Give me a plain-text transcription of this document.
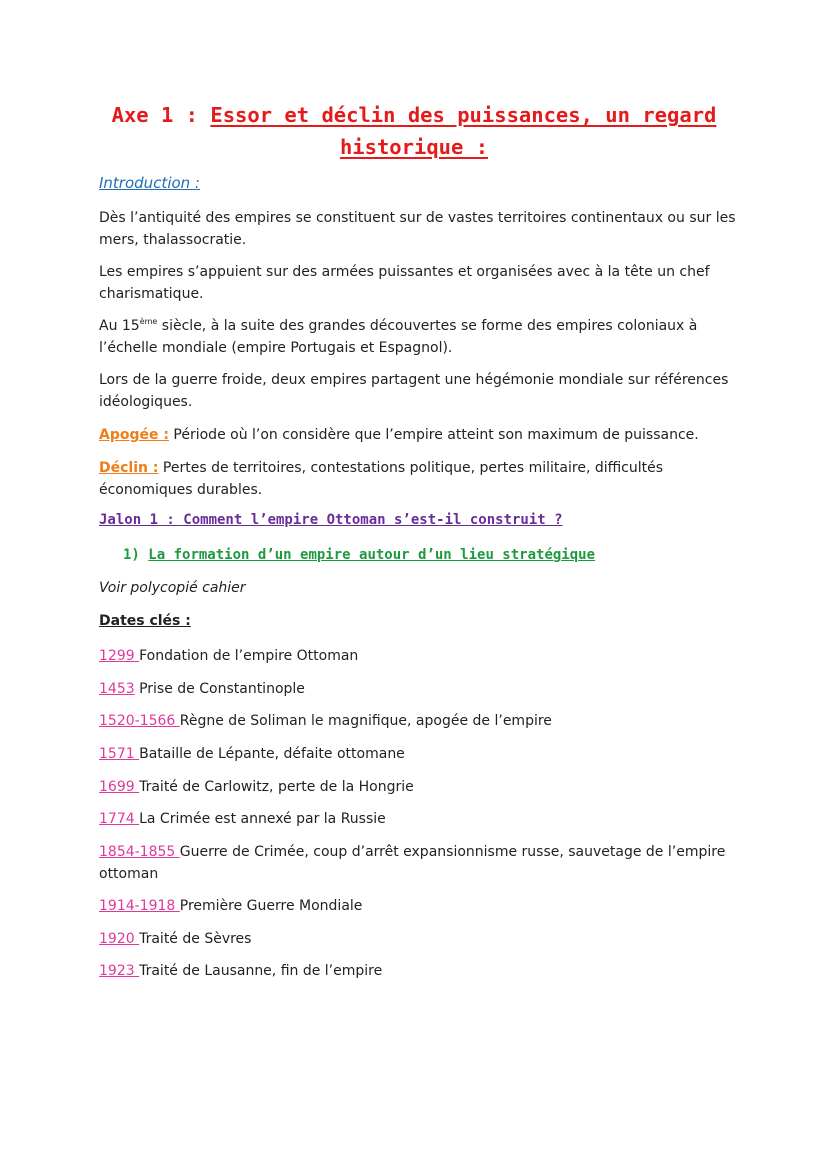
Axe 1 : Essor et déclin des puissances, un regard historique :
Introduction :
Dès l’antiquité des empires se constituent sur de vastes territoires continentaux ou sur les mers, thalassocratie.
Les empires s’appuient sur des armées puissantes et organisées avec à la tête un chef charismatique.
Au 15ème siècle, à la suite des grandes découvertes se forme des empires coloniaux à l’échelle mondiale (empire Portugais et Espagnol).
Lors de la guerre froide, deux empires partagent une hégémonie mondiale sur références idéologiques.
Apogée : Période où l’on considère que l’empire atteint son maximum de puissance.
Déclin : Pertes de territoires, contestations politique, pertes militaire, difficultés économiques durables.
Jalon 1 : Comment l’empire Ottoman s’est-il construit ?
1) La formation d’un empire autour d’un lieu stratégique
Voir polycopié cahier
Dates clés :
1299 Fondation de l’empire Ottoman
1453 Prise de Constantinople
1520-1566 Règne de Soliman le magnifique, apogée de l’empire
1571 Bataille de Lépante, défaite ottomane
1699 Traité de Carlowitz, perte de la Hongrie
1774 La Crimée est annexé par la Russie
1854-1855 Guerre de Crimée, coup d’arrêt expansionnisme russe, sauvetage de l’empire ottoman
1914-1918 Première Guerre Mondiale
1920 Traité de Sèvres
1923 Traité de Lausanne, fin de l’empire
